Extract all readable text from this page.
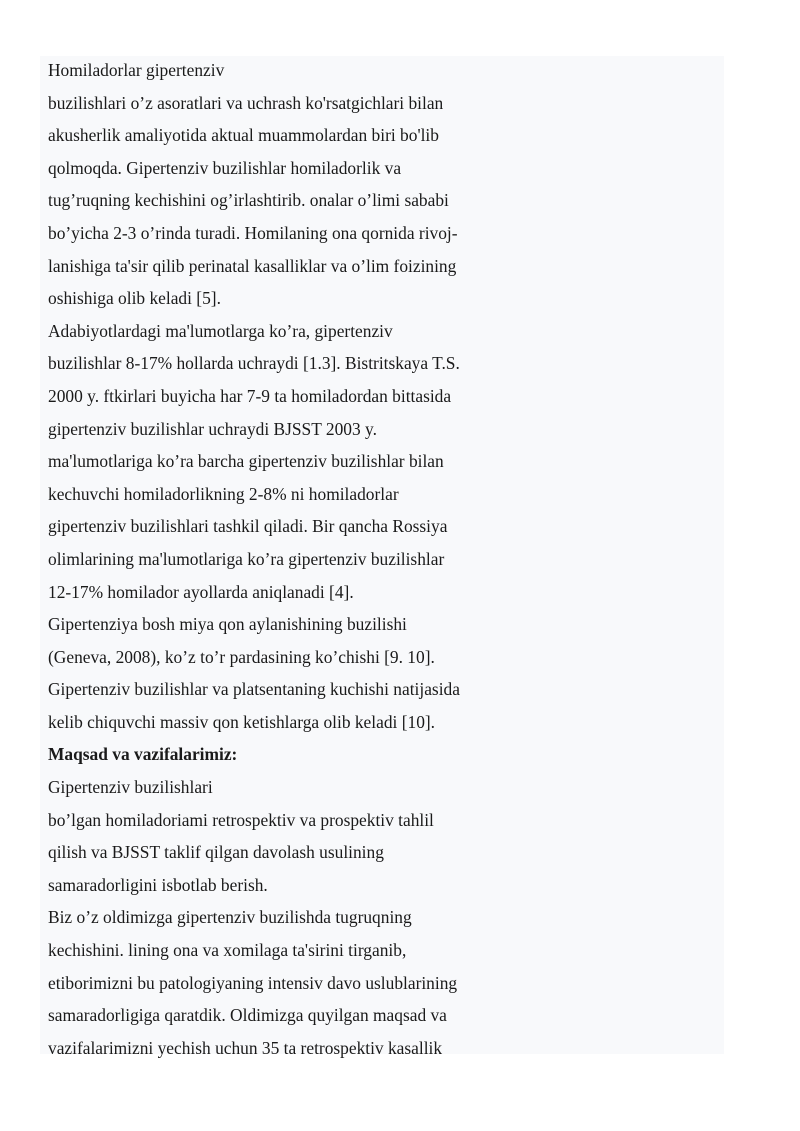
Homiladorlar gipertenziv
buzilishlari o’z asoratlari va uchrash ko'rsatgichlari bilan
akusherlik amaliyotida aktual muammolardan biri bo'lib
qolmoqda. Gipertenziv buzilishlar homiladorlik va
tug’ruqning kechishini og’irlashtirib. onalar o’limi sababi
bo’yicha 2-3 o’rinda turadi. Homilaning ona qornida rivoj-
lanishiga ta'sir qilib perinatal kasalliklar va o’lim foizining
oshishiga olib keladi [5].
Adabiyotlardagi ma'lumotlarga ko’ra, gipertenziv
buzilishlar 8-17% hollarda uchraydi [1.3]. Bistritskaya T.S.
2000 y. ftkirlari buyicha har 7-9 ta homiladordan bittasida
gipertenziv buzilishlar uchraydi BJSST 2003 y.
ma'lumotlariga ko’ra barcha gipertenziv buzilishlar bilan
kechuvchi homiladorlikning 2-8% ni homiladorlar
gipertenziv buzilishlari tashkil qiladi. Bir qancha Rossiya
olimlarining ma'lumotlariga ko’ra gipertenziv buzilishlar
12-17% homilador ayollarda aniqlanadi [4].
Gipertenziya bosh miya qon aylanishining buzilishi
(Geneva, 2008), ko’z to’r pardasining ko’chishi [9. 10].
Gipertenziv buzilishlar va platsentaning kuchishi natijasida
kelib chiquvchi massiv qon ketishlarga olib keladi [10].
Maqsad va vazifalarimiz:
Gipertenziv buzilishlari
bo’lgan homiladoriami retrospektiv va prospektiv tahlil
qilish va BJSST taklif qilgan davolash usulining
samaradorligini isbotlab berish.
Biz o’z oldimizga gipertenziv buzilishda tugruqning
kechishini. lining ona va xomilaga ta'sirini tirganib,
etiborimizni bu patologiyaning intensiv davo uslublarining
samaradorligiga qaratdik. Oldimizga quyilgan maqsad va
vazifalarimizni yechish uchun 35 ta retrospektiv kasallik
